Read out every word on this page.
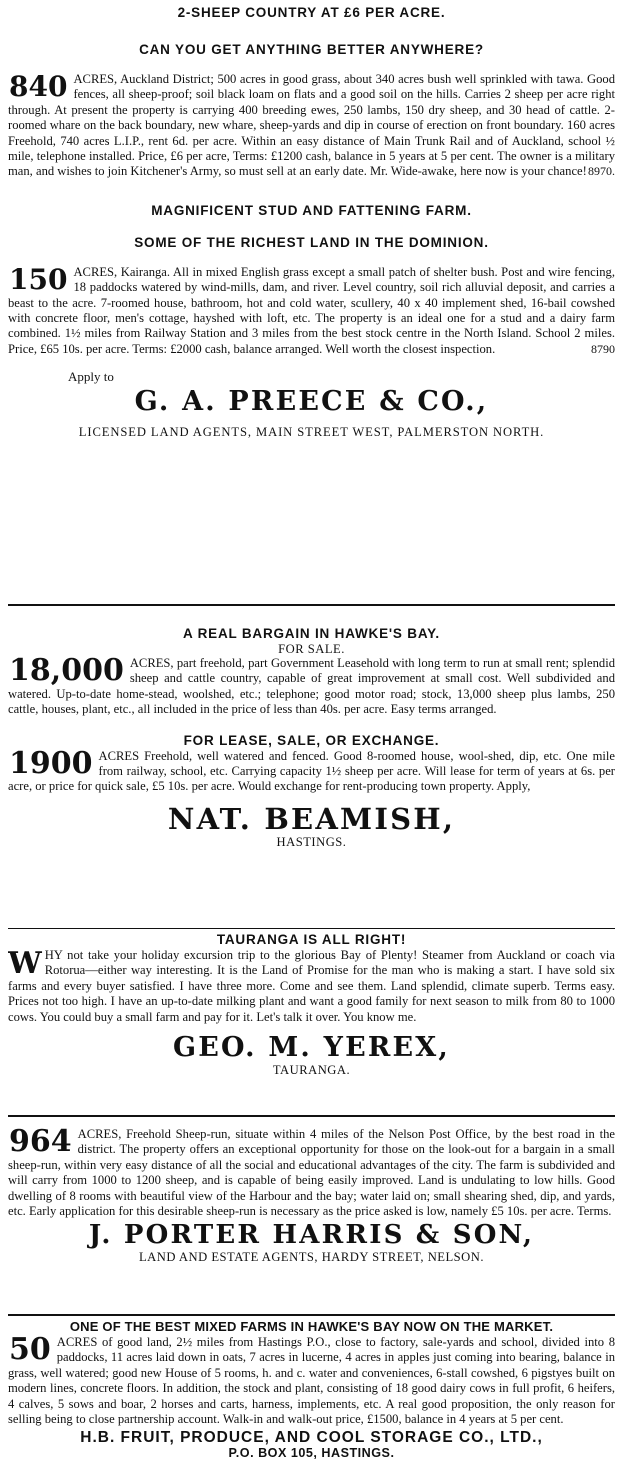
2-SHEEP COUNTRY AT £6 PER ACRE.

CAN YOU GET ANYTHING BETTER ANYWHERE?

840 ACRES, Auckland District; 500 acres in good grass, about 340 acres bush well sprinkled with tawa. Good fences, all sheep-proof; soil black loam on flats and a good soil on the hills. Carries 2 sheep per acre right through. At present the property is carrying 400 breeding ewes, 250 lambs, 150 dry sheep, and 30 head of cattle. 2-roomed whare on the back boundary, new whare, sheep-yards and dip in course of erection on front boundary. 160 acres Freehold, 740 acres L.I.P., rent 6d. per acre. Within an easy distance of Main Trunk Rail and of Auckland, school ½ mile, telephone installed. Price, £6 per acre, Terms: £1200 cash, balance in 5 years at 5 per cent. The owner is a military man, and wishes to join Kitchener's Army, so must sell at an early date. Mr. Wide-awake, here now is your chance! 8970.

MAGNIFICENT STUD AND FATTENING FARM.

SOME OF THE RICHEST LAND IN THE DOMINION.

150 ACRES, Kairanga. All in mixed English grass except a small patch of shelter bush. Post and wire fencing, 18 paddocks watered by wind-mills, dam, and river. Level country, soil rich alluvial deposit, and carries a beast to the acre. 7-roomed house, bathroom, hot and cold water, scullery, 40 x 40 implement shed, 16-bail cowshed with concrete floor, men's cottage, hayshed with loft, etc. The property is an ideal one for a stud and a dairy farm combined. 1½ miles from Railway Station and 3 miles from the best stock centre in the North Island. School 2 miles. Price, £65 10s. per acre. Terms: £2000 cash, balance arranged. Well worth the closest inspection.	8790

Apply to

G. A. PREECE & CO.,

LICENSED LAND AGENTS, MAIN STREET WEST, PALMERSTON NORTH.

A REAL BARGAIN IN HAWKE'S BAY.

FOR SALE.

18,000 ACRES, part freehold, part Government Leasehold with long term to run at small rent; splendid sheep and cattle country, capable of great improvement at small cost. Well subdivided and watered. Up-to-date home-stead, woolshed, etc.; telephone; good motor road; stock, 13,000 sheep plus lambs, 250 cattle, houses, plant, etc., all included in the price of less than 40s. per acre. Easy terms arranged.

FOR LEASE, SALE, OR EXCHANGE.

1900 ACRES Freehold, well watered and fenced. Good 8-roomed house, wool-shed, dip, etc. One mile from railway, school, etc. Carrying capacity 1½ sheep per acre. Will lease for term of years at 6s. per acre, or price for quick sale, £5 10s. per acre. Would exchange for rent-producing town property. Apply,

NAT. BEAMISH,

HASTINGS.

TAURANGA IS ALL RIGHT!

W HY not take your holiday excursion trip to the glorious Bay of Plenty! Steamer from Auckland or coach via Rotorua—either way interesting. It is the Land of Promise for the man who is making a start. I have sold six farms and every buyer satisfied. I have three more. Come and see them. Land splendid, climate superb. Terms easy. Prices not too high. I have an up-to-date milking plant and want a good family for next season to milk from 80 to 1000 cows. You could buy a small farm and pay for it. Let's talk it over. You know me.

GEO. M. YEREX,

TAURANGA.

964 ACRES, Freehold Sheep-run, situate within 4 miles of the Nelson Post Office, by the best road in the district. The property offers an exceptional opportunity for those on the look-out for a bargain in a small sheep-run, within very easy distance of all the social and educational advantages of the city. The farm is subdivided and will carry from 1000 to 1200 sheep, and is capable of being easily improved. Land is undulating to low hills. Good dwelling of 8 rooms with beautiful view of the Harbour and the bay; water laid on; small shearing shed, dip, and yards, etc. Early application for this desirable sheep-run is necessary as the price asked is low, namely £5 10s. per acre. Terms.

J. PORTER HARRIS & SON,

LAND AND ESTATE AGENTS, HARDY STREET, NELSON.

ONE OF THE BEST MIXED FARMS IN HAWKE'S BAY NOW ON THE MARKET.

50 ACRES of good land, 2½ miles from Hastings P.O., close to factory, sale-yards and school, divided into 8 paddocks, 11 acres laid down in oats, 7 acres in lucerne, 4 acres in apples just coming into bearing, balance in grass, well watered; good new House of 5 rooms, h. and c. water and conveniences, 6-stall cowshed, 6 pigstyes built on modern lines, concrete floors. In addition, the stock and plant, consisting of 18 good dairy cows in full profit, 6 heifers, 4 calves, 5 sows and boar, 2 horses and carts, harness, implements, etc. A real good proposition, the only reason for selling being to close partnership account. Walk-in and walk-out price, £1500, balance in 4 years at 5 per cent.

H.B. FRUIT, PRODUCE, AND COOL STORAGE CO., LTD.,

P.O. BOX 105, HASTINGS.
